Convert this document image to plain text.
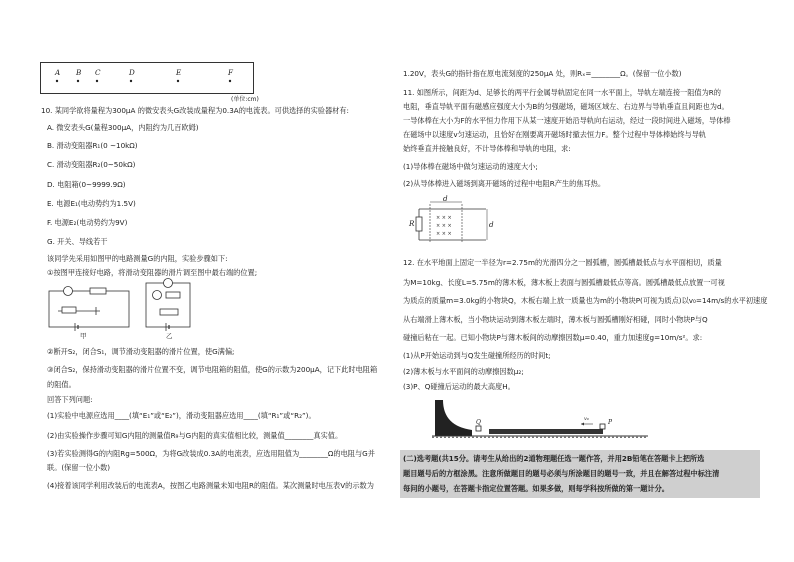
A B C	D	E	F
(单位:cm)
10. 某同学欲将量程为300μA 的微安表头G改装成量程为0.3A的电流表。可供选择的实验器材有:
A. 微安表头G(量程300μA，内阻约为几百欧姆)
B. 滑动变阻器R₁(0 ~10kΩ)
C. 滑动变阻器R₂(0~50kΩ)
D. 电阻箱(0~9999.9Ω)
E. 电源E₁(电动势约为1.5V)
F. 电源E₂(电动势约为9V)
G. 开关、导线若干
该同学先采用如图甲的电路测量G的内阻，实验步骤如下:
①按图甲连接好电路，将滑动变阻器的滑片调至图中最右端的位置;
甲	乙
②断开S₂，闭合S₁，调节滑动变阻器的滑片位置，使G满偏;
③闭合S₂，保持滑动变阻器的滑片位置不变，调节电阻箱的阻值，使G的示数为200μA，记下此时电阻箱
的阻值。
回答下列问题:
(1)实验中电源应选用____(填“E₁”或“E₂”)，滑动变阻器应选用____(填“R₁”或“R₂”)。
(2)由实验操作步骤可知G内阻的测量值R₉与G内阻的真实值相比较，测量值________真实值。
(3)若实验测得G的内阻Rg=500Ω，为将G改装成0.3A的电流表，应选用阻值为________Ω的电阻与G并
联。(保留一位小数)
(4)接着该同学利用改装后的电流表A，按图乙电路测量未知电阻R的阻值。某次测量时电压表V的示数为
1.20V，表头G的指针指在原电流刻度的250μA 处，则Rₓ=________Ω。(保留一位小数)
11. 如图所示，间距为d、足够长的两平行金属导轨固定在同一水平面上，导轨左端连接一阻值为R的
电阻，垂直导轨平面有磁感应强度大小为B的匀强磁场，磁场区域左、右边界与导轨垂直且间距也为d。
一导体棒在大小为F的水平恒力作用下从某一速度开始沿导轨向右运动，经过一段时间进入磁场，导体棒
在磁场中以速度v匀速运动，且恰好在刚要离开磁场时撤去恒力F。整个过程中导体棒始终与导轨
始终垂直并接触良好，不计导体棒和导轨的电阻，求:
(1)导体棒在磁场中做匀速运动的速度大小;
(2)从导体棒进入磁场到离开磁场的过程中电阻R产生的焦耳热。
× × ×
× × ×
× × ×
R
d
d
12. 在水平地面上固定一半径为r=2.75m的光滑四分之一圆弧槽，圆弧槽最低点与水平面相切，质量
为M=10kg、长度L=5.75m的薄木板，薄木板上表面与圆弧槽最低点等高。圆弧槽最低点放置一可视
为质点的质量m=3.0kg的小物块Q，木板右端上放一质量也为m的小物块P(可视为质点)以v₀=14m/s的水平初速度
从右端滑上薄木板，当小物块运动到薄木板左端时，薄木板与圆弧槽刚好相碰，同时小物块P与Q
碰撞后粘在一起。已知小物块P与薄木板间的动摩擦因数μ=0.40，重力加速度g=10m/s²。求:
(1)从P开始运动到与Q发生碰撞所经历的时间t;
(2)薄木板与水平面间的动摩擦因数μ₂;
(3)P、Q碰撞后运动的最大高度H。
Q	P
v₀
(二)选考题(共15分。请考生从给出的2道物理题任选一题作答，并用2B铅笔在答题卡上把所选
题目题号后的方框涂黑。注意所做题目的题号必须与所涂题目的题号一致，并且在解答过程中标注清
每问的小题号，在答题卡指定位置答题。如果多做，则每学科按所做的第一题计分。
